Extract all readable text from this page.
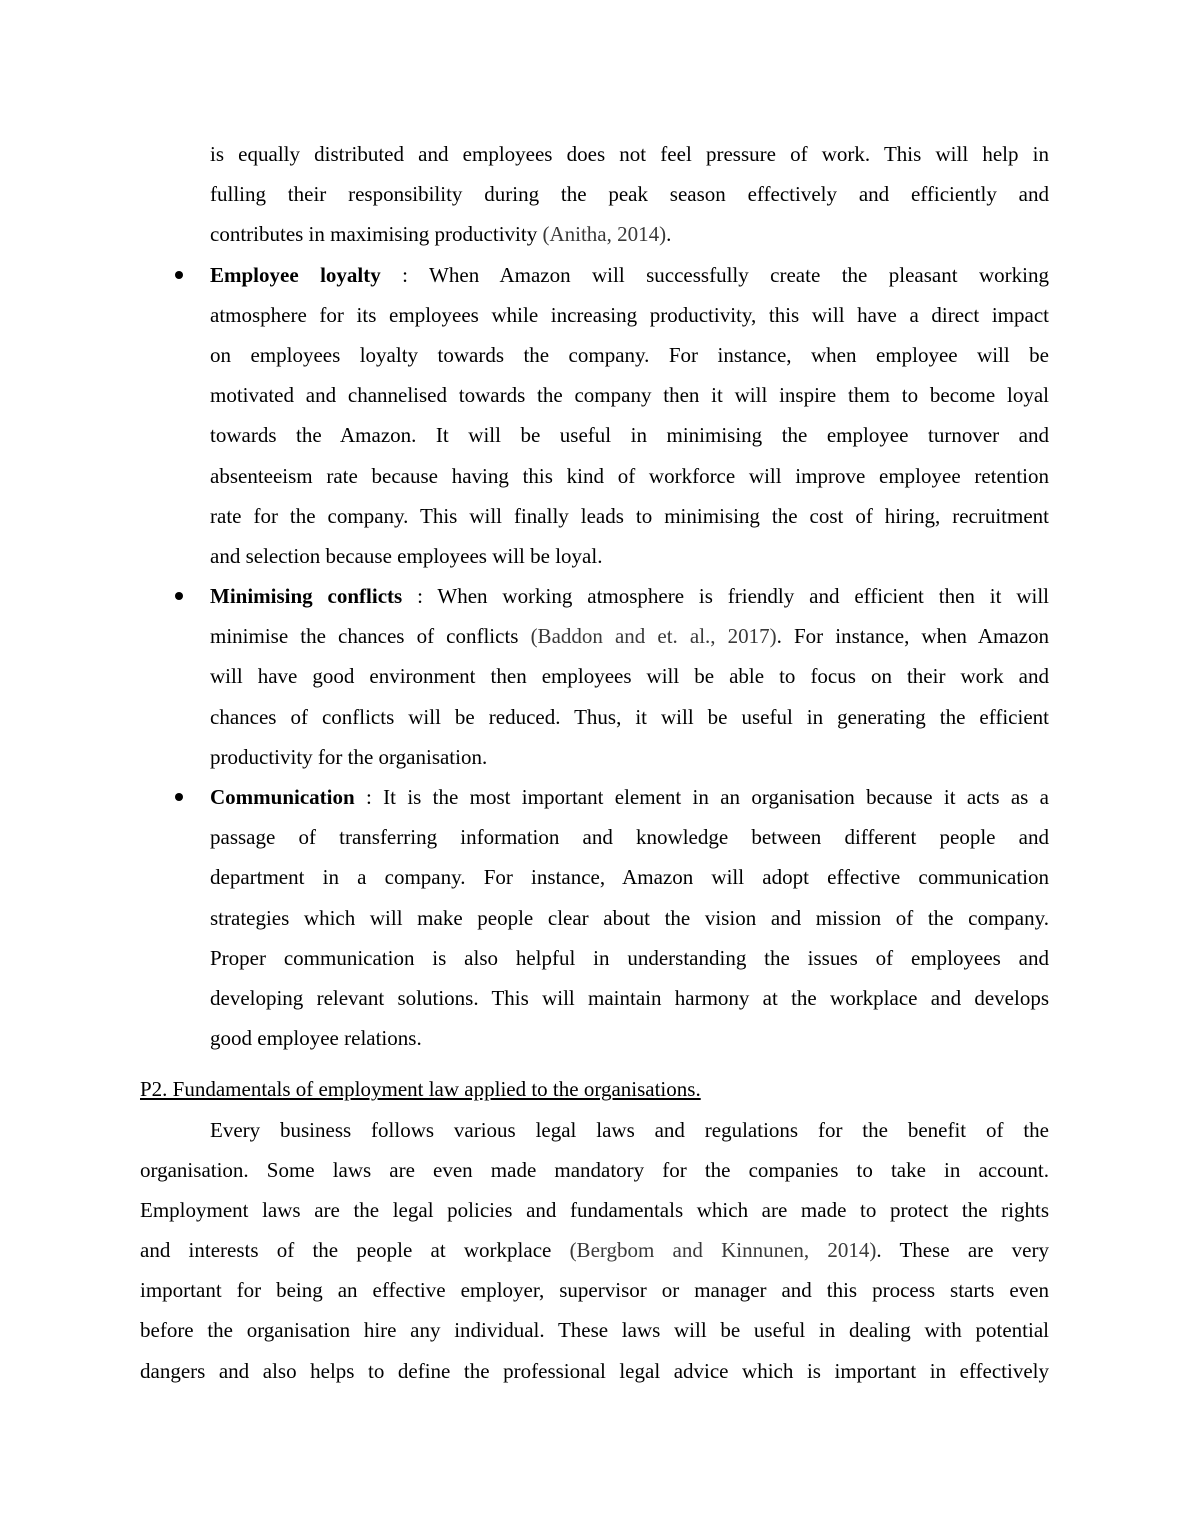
is equally distributed and employees does not feel pressure of work. This will help in
fulling their responsibility during the peak season effectively and efficiently and
contributes in maximising productivity (Anitha, 2014).
Employee loyalty : When Amazon will successfully create the pleasant working
atmosphere for its employees while increasing productivity, this will have a direct impact
on employees loyalty towards the company. For instance, when employee will be
motivated and channelised towards the company then it will inspire them to become loyal
towards the Amazon. It will be useful in minimising the employee turnover and
absenteeism rate because having this kind of workforce will improve employee retention
rate for the company. This will finally leads to minimising the cost of hiring, recruitment
and selection because employees will be loyal.
Minimising conflicts : When working atmosphere is friendly and efficient then it will
minimise the chances of conflicts (Baddon and et. al., 2017). For instance, when Amazon
will have good environment then employees will be able to focus on their work and
chances of conflicts will be reduced. Thus, it will be useful in generating the efficient
productivity for the organisation.
Communication : It is the most important element in an organisation because it acts as a
passage of transferring information and knowledge between different people and
department in a company. For instance, Amazon will adopt effective communication
strategies which will make people clear about the vision and mission of the company.
Proper communication is also helpful in understanding the issues of employees and
developing relevant solutions. This will maintain harmony at the workplace and develops
good employee relations.
P2. Fundamentals of employment law applied to the organisations.
Every business follows various legal laws and regulations for the benefit of the
organisation. Some laws are even made mandatory for the companies to take in account.
Employment laws are the legal policies and fundamentals which are made to protect the rights
and interests of the people at workplace (Bergbom and Kinnunen, 2014). These are very
important for being an effective employer, supervisor or manager and this process starts even
before the organisation hire any individual. These laws will be useful in dealing with potential
dangers and also helps to define the professional legal advice which is important in effectively
